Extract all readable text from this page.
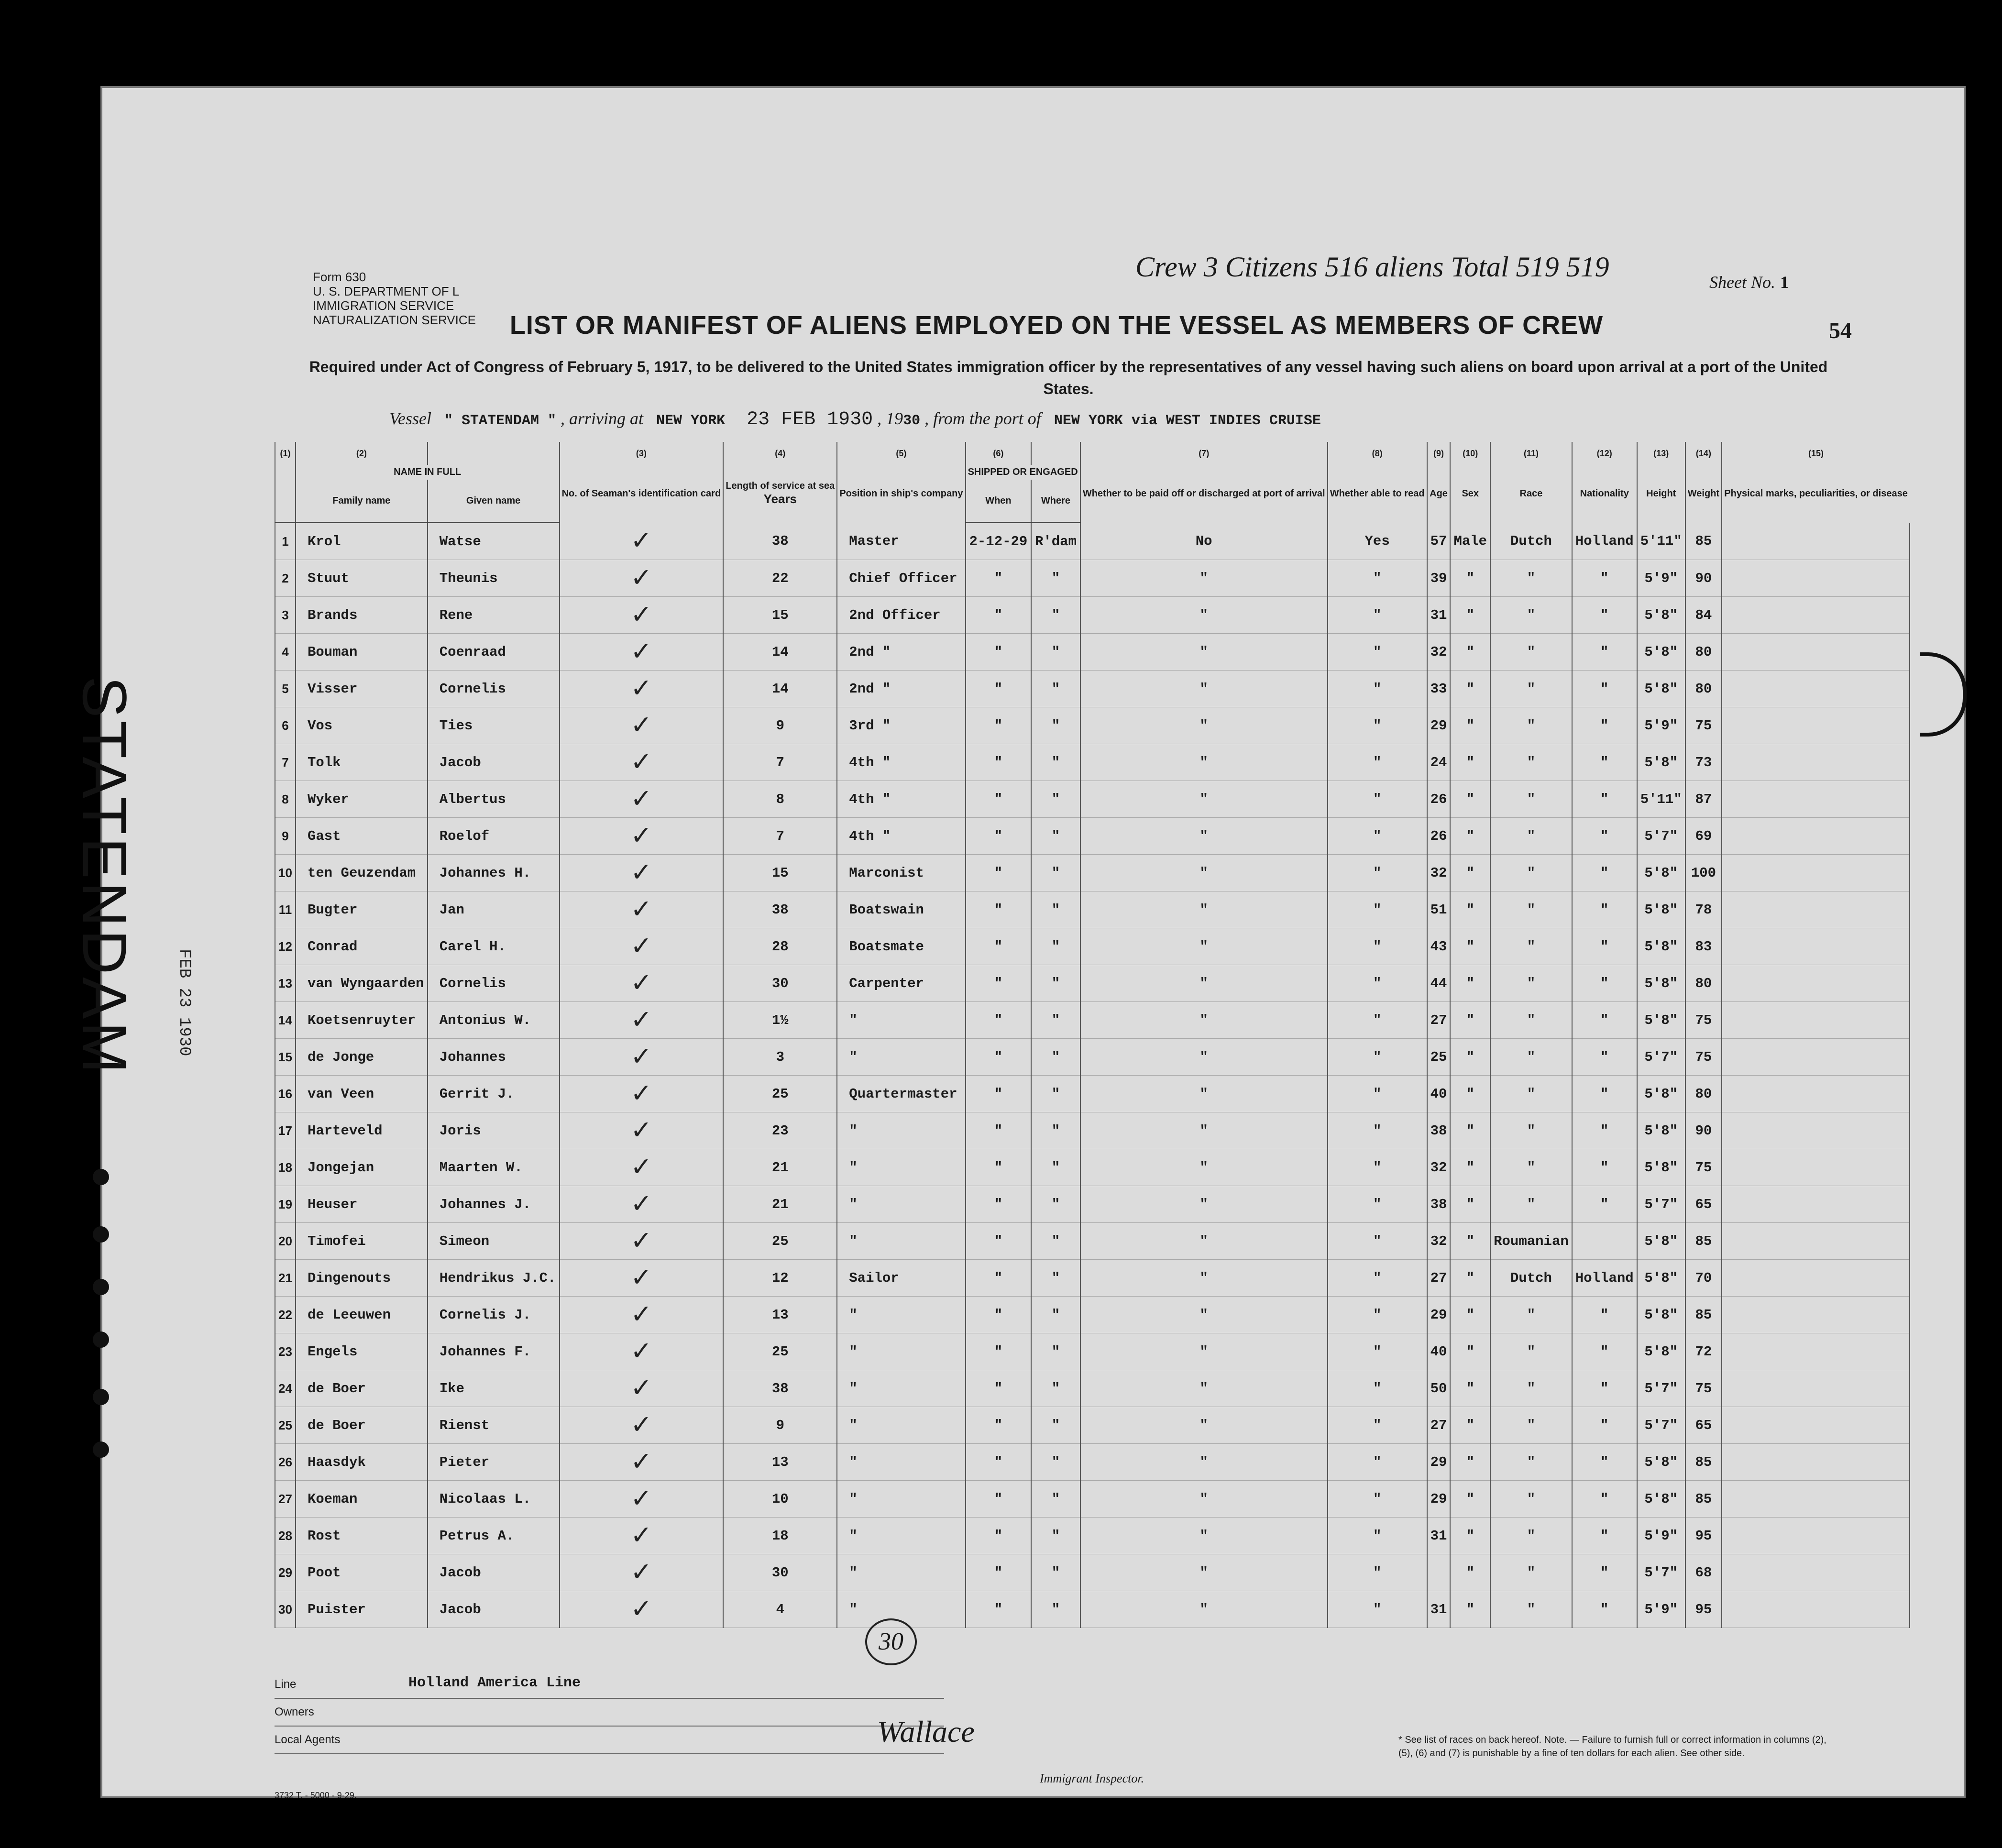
STATENDAM FEB 23 1930
Form 630
U. S. DEPARTMENT OF L
IMMIGRATION SERVICE
NATURALIZATION SERVICE
Crew 3 Citizens 516 aliens Total 519 519	Sheet No. 1
54
LIST OR MANIFEST OF ALIENS EMPLOYED ON THE VESSEL AS MEMBERS OF CREW
Required under Act of Congress of February 5, 1917, to be delivered to the United States immigration officer by the representatives of any vessel having such aliens on board upon arrival at a port of the United States.
Vessel " STATENDAM " , arriving at NEW YORK 23 FEB 1930 , 1930 , from the port of NEW YORK via WEST INDIES CRUISE
(1)	(2)		(3)	(4)	(5)	(6)		(7)	(8)	(9)	(10)	(11)	(12)	(13)	(14)	(15)
	NAME IN FULL		No. of Seaman's identification card	Length of service at sea
Years	Position in ship's company	SHIPPED OR ENGAGED		Whether to be paid off or discharged at port of arrival	Whether able to read	Age	Sex	Race	Nationality	Height	Weight	Physical marks, peculiarities, or disease
	Family name	Given name				When	Where									
1	Krol	Watse	✓	38	Master	2-12-29	R'dam	No	Yes	57	Male	Dutch	Holland	5'11"	85	
2	Stuut	Theunis	✓	22	Chief Officer	"	"	"	"	39	"	"	"	5'9"	90	
3	Brands	Rene	✓	15	2nd Officer	"	"	"	"	31	"	"	"	5'8"	84	
4	Bouman	Coenraad	✓	14	2nd "	"	"	"	"	32	"	"	"	5'8"	80	
5	Visser	Cornelis	✓	14	2nd "	"	"	"	"	33	"	"	"	5'8"	80	
6	Vos	Ties	✓	9	3rd "	"	"	"	"	29	"	"	"	5'9"	75	
7	Tolk	Jacob	✓	7	4th "	"	"	"	"	24	"	"	"	5'8"	73	
8	Wyker	Albertus	✓	8	4th "	"	"	"	"	26	"	"	"	5'11"	87	
9	Gast	Roelof	✓	7	4th "	"	"	"	"	26	"	"	"	5'7"	69	
10	ten Geuzendam	Johannes H.	✓	15	Marconist	"	"	"	"	32	"	"	"	5'8"	100	
11	Bugter	Jan	✓	38	Boatswain	"	"	"	"	51	"	"	"	5'8"	78	
12	Conrad	Carel H.	✓	28	Boatsmate	"	"	"	"	43	"	"	"	5'8"	83	
13	van Wyngaarden	Cornelis	✓	30	Carpenter	"	"	"	"	44	"	"	"	5'8"	80	
14	Koetsenruyter	Antonius W.	✓	1½	"	"	"	"	"	27	"	"	"	5'8"	75	
15	de Jonge	Johannes	✓	3	"	"	"	"	"	25	"	"	"	5'7"	75	
16	van Veen	Gerrit J.	✓	25	Quartermaster	"	"	"	"	40	"	"	"	5'8"	80	
17	Harteveld	Joris	✓	23	"	"	"	"	"	38	"	"	"	5'8"	90	
18	Jongejan	Maarten W.	✓	21	"	"	"	"	"	32	"	"	"	5'8"	75	
19	Heuser	Johannes J.	✓	21	"	"	"	"	"	38	"	"	"	5'7"	65	
20	Timofei	Simeon	✓	25	"	"	"	"	"	32	"	Roumanian		5'8"	85	
21	Dingenouts	Hendrikus J.C.	✓	12	Sailor	"	"	"	"	27	"	Dutch	Holland	5'8"	70	
22	de Leeuwen	Cornelis J.	✓	13	"	"	"	"	"	29	"	"	"	5'8"	85	
23	Engels	Johannes F.	✓	25	"	"	"	"	"	40	"	"	"	5'8"	72	
24	de Boer	Ike	✓	38	"	"	"	"	"	50	"	"	"	5'7"	75	
25	de Boer	Rienst	✓	9	"	"	"	"	"	27	"	"	"	5'7"	65	
26	Haasdyk	Pieter	✓	13	"	"	"	"	"	29	"	"	"	5'8"	85	
27	Koeman	Nicolaas L.	✓	10	"	"	"	"	"	29	"	"	"	5'8"	85	
28	Rost	Petrus A.	✓	18	"	"	"	"	"	31	"	"	"	5'9"	95	
29	Poot	Jacob	✓	30	"	"	"	"	"		"	"	"	5'7"	68	
30	Puister	Jacob	✓	4	"	"	"	"	"	31	"	"	"	5'9"	95	
30
Line	Holland America Line
Owners
Local Agents
3732 T. - 5000 - 9-29.
Wallace
Immigrant Inspector.
* See list of races on back hereof. Note. — Failure to furnish full or correct information in columns (2), (5), (6) and (7) is punishable by a fine of ten dollars for each alien. See other side.
